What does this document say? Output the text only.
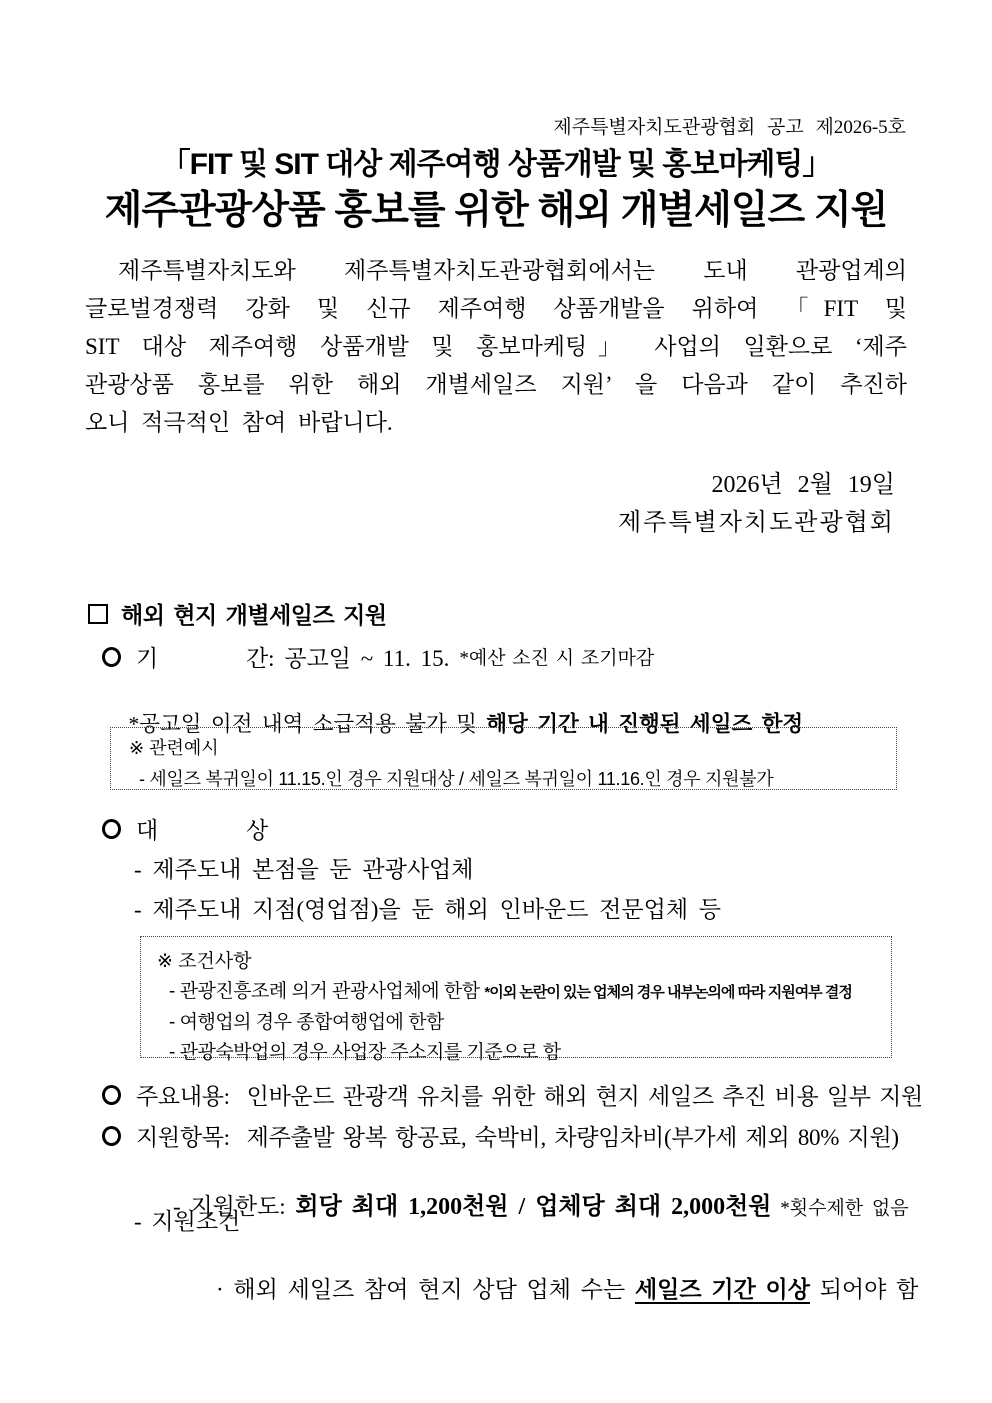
제주특별자치도관광협회 공고 제2026-5호
「FIT 및 SIT 대상 제주여행 상품개발 및 홍보마케팅」
제주관광상품 홍보를 위한 해외 개별세일즈 지원
제주특별자치도와 제주특별자치도관광협회에서는 도내 관광업계의
글로벌경쟁력 강화 및 신규 제주여행 상품개발을 위하여 「FIT 및
SIT 대상 제주여행 상품개발 및 홍보마케팅」 사업의 일환으로 ‘제주
관광상품 홍보를 위한 해외 개별세일즈 지원’ 을 다음과 같이 추진하
오니 적극적인 참여 바랍니다.
2026년 2월 19일
제주특별자치도관광협회
해외 현지 개별세일즈 지원
기         간: 공고일 ~ 11. 15. *예산 소진 시 조기마감

*공고일 이전 내역 소급적용 불가 및 해당 기간 내 진행된 세일즈 한정

※ 관련예시
- 세일즈 복귀일이 11.15.인 경우 지원대상 / 세일즈 복귀일이 11.16.인 경우 지원불가
대         상
- 제주도내 본점을 둔 관광사업체
- 제주도내 지점(영업점)을 둔 해외 인바운드 전문업체 등
※ 조건사항
- 관광진흥조례 의거 관광사업체에 한함 *이외 논란이 있는 업체의 경우 내부논의에 따라 지원여부 결정
- 여행업의 경우 종합여행업에 한함
- 관광숙박업의 경우 사업장 주소지를 기준으로 함
주요내용:  인바운드 관광객 유치를 위한 해외 현지 세일즈 추진 비용 일부 지원
지원항목:  제주출발 왕복 항공료, 숙박비, 차량임차비(부가세 제외 80% 지원)

- 지원한도: 회당 최대 1,200천원 / 업체당 최대 2,000천원 *횟수제한 없음

- 지원조건

· 해외 세일즈 참여 현지 상담 업체 수는 세일즈 기간 이상 되어야 함
